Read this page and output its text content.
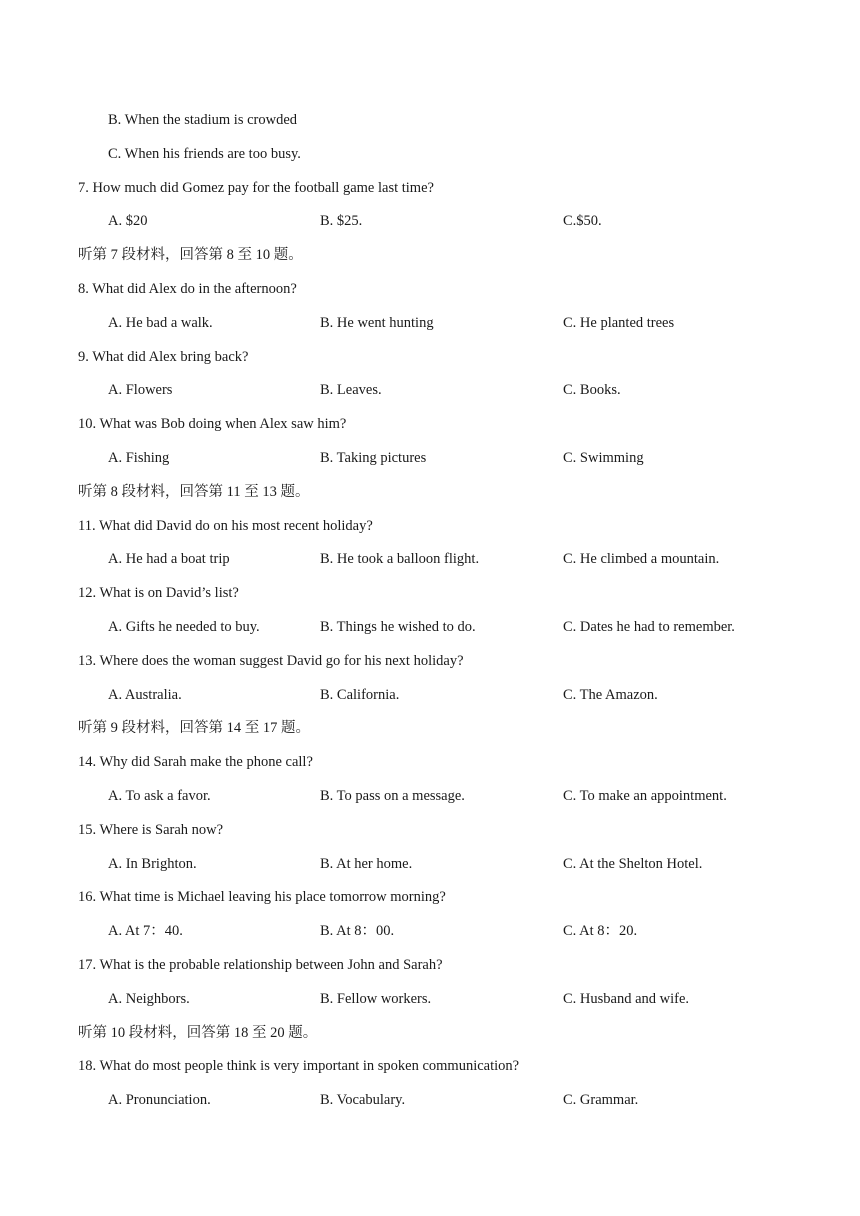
B. When the stadium is crowded
C. When his friends are too busy.
7. How much did Gomez pay for the football game last time?
A. $20	B. $25.	C.$50.
听第 7 段材料，回答第 8 至 10 题。
8. What did Alex do in the afternoon?
A. He bad a walk.	B. He went hunting	C. He planted trees
9. What did Alex bring back?
A. Flowers	B. Leaves.	C. Books.
10. What was Bob doing when Alex saw him?
A. Fishing	B. Taking pictures	C. Swimming
听第 8 段材料，回答第 11 至 13 题。
11. What did David do on his most recent holiday?
A. He had a boat trip	B. He took a balloon flight.	C. He climbed a mountain.
12. What is on David’s list?
A. Gifts he needed to buy.	B. Things he wished to do.	C. Dates he had to remember.
13. Where does the woman suggest David go for his next holiday?
A. Australia.	B. California.	C. The Amazon.
听第 9 段材料，回答第 14 至 17 题。
14. Why did Sarah make the phone call?
A. To ask a favor.	B. To pass on a message.	C. To make an appointment.
15. Where is Sarah now?
A. In Brighton.	B. At her home.	C. At the Shelton Hotel.
16. What time is Michael leaving his place tomorrow morning?
A. At 7：40.	B. At 8：00.	C. At 8：20.
17. What is the probable relationship between John and Sarah?
A. Neighbors.	B. Fellow workers.	C. Husband and wife.
听第 10 段材料，回答第 18 至 20 题。
18. What do most people think is very important in spoken communication?
A. Pronunciation.	B. Vocabulary.	C. Grammar.
